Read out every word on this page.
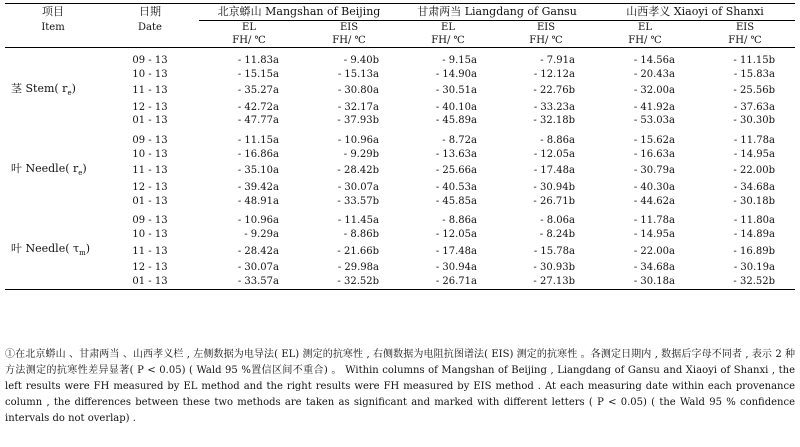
项目	日期	北京蟒山 Mangshan of Beijing		甘肃两当 Liangdang of Gansu		山西孝义 Xiaoyi of Shanxi	
Item	Date	EL	EIS	EL	EIS	EL	EIS
		FH/ ℃	FH/ ℃	FH/ ℃	FH/ ℃	FH/ ℃	FH/ ℃

	09 - 13	- 11.83a	- 9.40b	- 9.15a	- 7.91a	- 14.56a	- 11.15b
	10 - 13	- 15.15a	- 15.13a	- 14.90a	- 12.12a	- 20.43a	- 15.83a
茎 Stem( $r_e$)	11 - 13	- 35.27a	- 30.80a	- 30.51a	- 22.76b	- 32.00a	- 25.56b
	12 - 13	- 42.72a	- 32.17a	- 40.10a	- 33.23a	- 41.92a	- 37.63a
	01 - 13	- 47.77a	- 37.93b	- 45.89a	- 32.18b	- 53.03a	- 30.30b

	09 - 13	- 11.15a	- 10.96a	- 8.72a	- 8.86a	- 15.62a	- 11.78a
	10 - 13	- 16.86a	- 9.29b	- 13.63a	- 12.05a	- 16.63a	- 14.95a
叶 Needle( $r_e$)	11 - 13	- 35.10a	- 28.42b	- 25.66a	- 17.48a	- 30.79a	- 22.00b
	12 - 13	- 39.42a	- 30.07a	- 40.53a	- 30.94b	- 40.30a	- 34.68a
	01 - 13	- 48.91a	- 33.57b	- 45.85a	- 26.71b	- 44.62a	- 30.18b

	09 - 13	- 10.96a	- 11.45a	- 8.86a	- 8.06a	- 11.78a	- 11.80a
	10 - 13	- 9.29a	- 8.86b	- 12.05a	- 8.24b	- 14.95a	- 14.89a
叶 Needle( $\tau_m$)	11 - 13	- 28.42a	- 21.66b	- 17.48a	- 15.78a	- 22.00a	- 16.89b
	12 - 13	- 30.07a	- 29.98a	- 30.94a	- 30.93b	- 34.68a	- 30.19a
	01 - 13	- 33.57a	- 32.52b	- 26.71a	- 27.13b	- 30.18a	- 32.52b
①在北京蟒山 、甘肃两当 、山西孝义栏 , 左侧数据为电导法( EL) 测定的抗寒性 , 右侧数据为电阻抗图谱法( EIS) 测定的抗寒性 。各测定日期内 , 数据后字母不同者 , 表示 2 种方法测定的抗寒性差异显著( P < 0.05) ( Wald 95 %置信区间不重合) 。 Within columns of Mangshan of Beijing , Liangdang of Gansu and Xiaoyi of Shanxi , the left results were FH measured by EL method and the right results were FH measured by EIS method . At each measuring date within each provenance column , the differences between these two methods are taken as significant and marked with different letters ( P < 0.05) ( the Wald 95 % confidence intervals do not overlap) .
